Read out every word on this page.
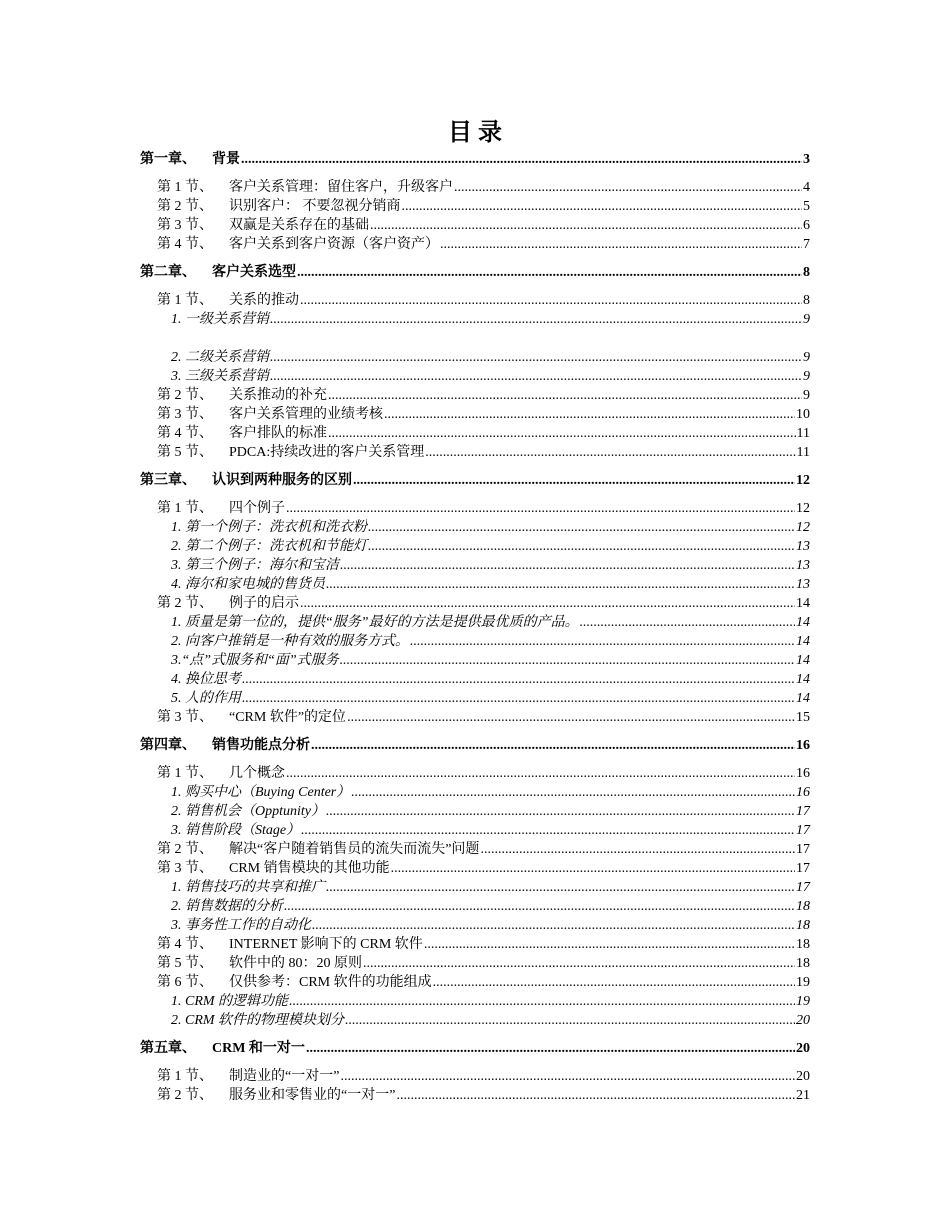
目 录
第一章、 背景 .....	3
第 1 节、 客户关系管理：留住客户，升级客户 .....	4
第 2 节、 识别客户： 不要忽视分销商 .....	5
第 3 节、 双赢是关系存在的基础 .....	6
第 4 节、 客户关系到客户资源（客户资产） .....	7
第二章、 客户关系选型 .....	8
第 1 节、 关系的推动 .....	8
1. 一级关系营销 .....	9
2. 二级关系营销 .....	9
3. 三级关系营销 .....	9
第 2 节、 关系推动的补充 .....	9
第 3 节、 客户关系管理的业绩考核 .....	10
第 4 节、 客户排队的标准 .....	11
第 5 节、 PDCA:持续改进的客户关系管理 .....	11
第三章、 认识到两种服务的区别 .....	12
第 1 节、 四个例子 .....	12
1. 第一个例子：洗衣机和洗衣粉 .....	12
2. 第二个例子：洗衣机和节能灯 .....	13
3. 第三个例子：海尔和宝洁 .....	13
4. 海尔和家电城的售货员 .....	13
第 2 节、 例子的启示 .....	14
1. 质量是第一位的，提供“服务”最好的方法是提供最优质的产品。 .....	14
2. 向客户推销是一种有效的服务方式。 .....	14
3.“点”式服务和“面”式服务 .....	14
4. 换位思考 .....	14
5. 人的作用 .....	14
第 3 节、 “CRM 软件”的定位 .....	15
第四章、 销售功能点分析 .....	16
第 1 节、 几个概念 .....	16
1. 购买中心（Buying Center） .....	16
2. 销售机会（Opptunity） .....	17
3. 销售阶段（Stage） .....	17
第 2 节、 解决“客户随着销售员的流失而流失”问题 .....	17
第 3 节、 CRM 销售模块的其他功能 .....	17
1. 销售技巧的共享和推广 .....	17
2. 销售数据的分析 .....	18
3. 事务性工作的自动化 .....	18
第 4 节、 INTERNET 影响下的 CRM 软件 .....	18
第 5 节、 软件中的 80：20 原则 .....	18
第 6 节、 仅供参考：CRM 软件的功能组成 .....	19
1. CRM 的逻辑功能 .....	19
2. CRM 软件的物理模块划分 .....	20
第五章、 CRM 和一对一 .....	20
第 1 节、 制造业的“一对一” .....	20
第 2 节、 服务业和零售业的“一对一” .....	21
